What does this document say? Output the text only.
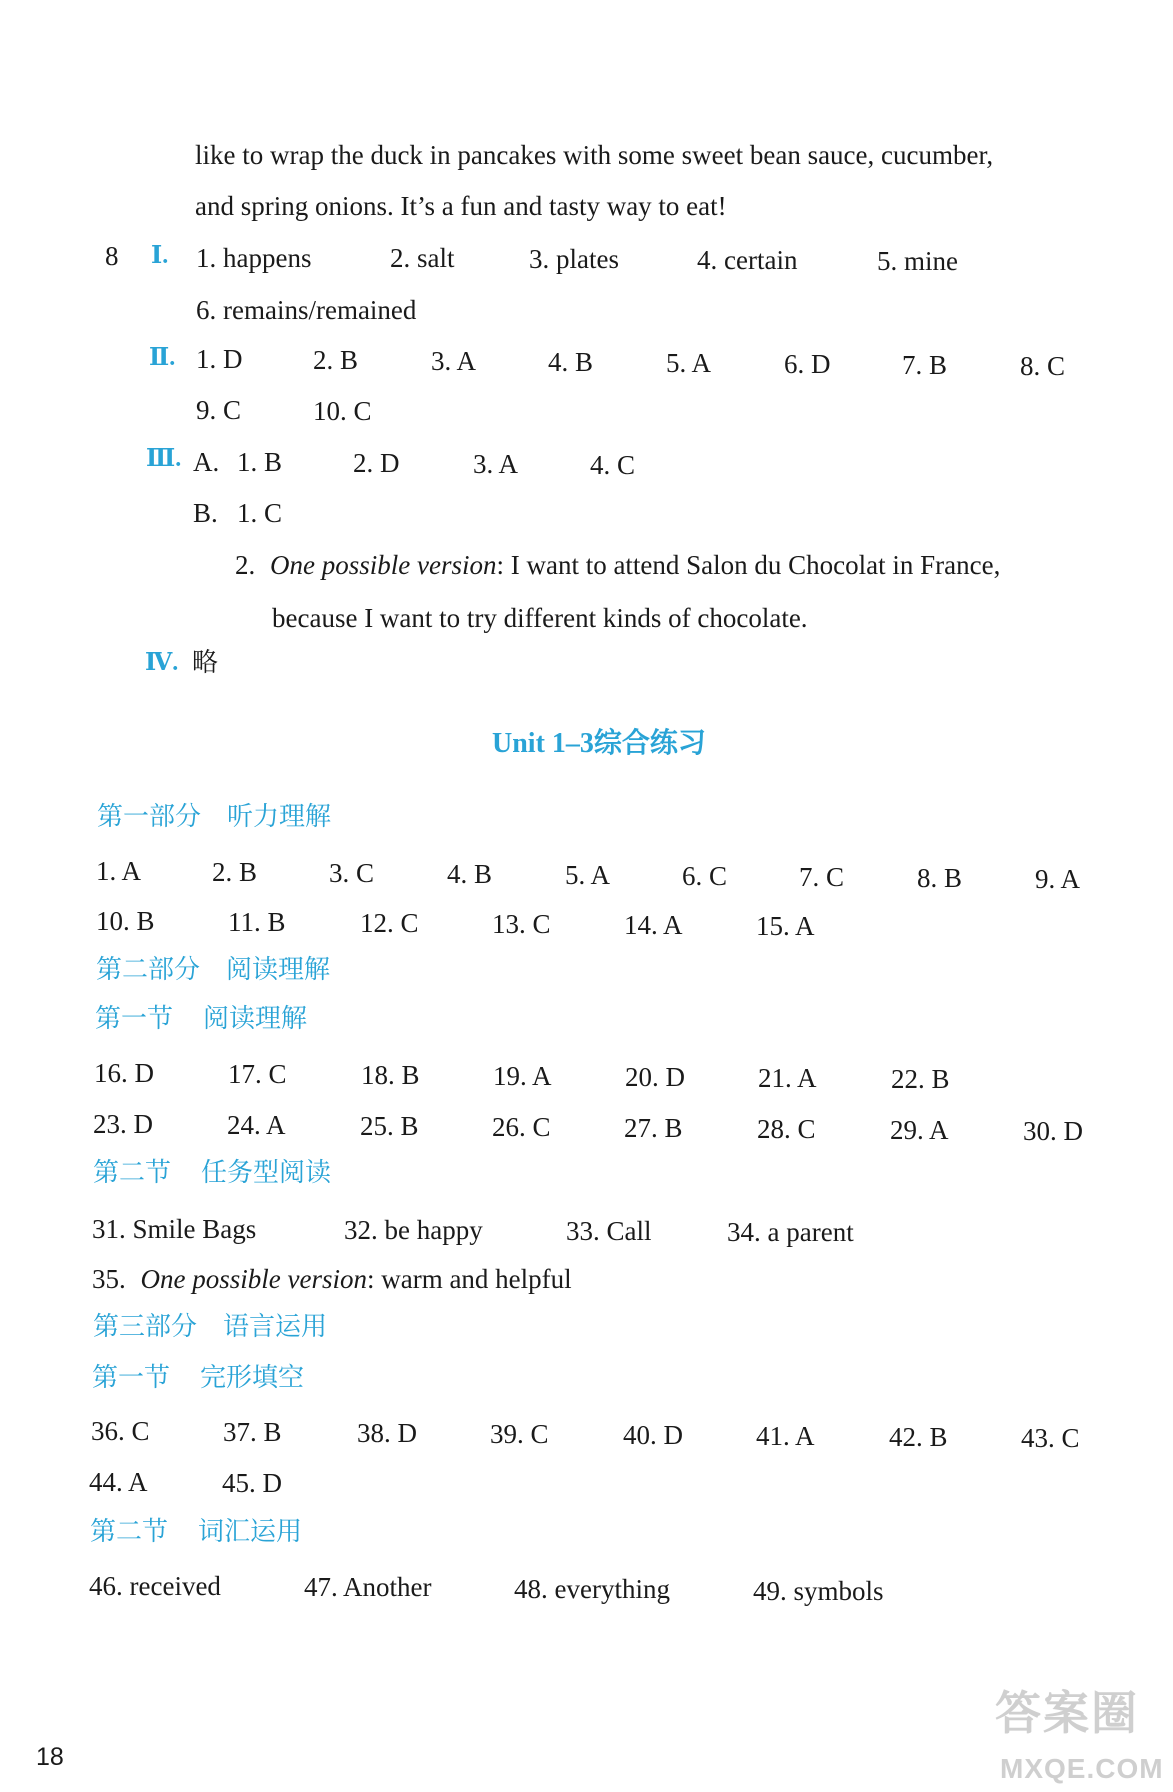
like to wrap the duck in pancakes with some sweet bean sauce, cucumber,
and spring onions. It’s a fun and tasty way to eat!
8 Ⅰ. 1. happens	2. salt	3. plates	4. certain	5. mine
6. remains/remained
Ⅱ. 1. D	2. B	3. A	4. B	5. A	6. D	7. B	8. C
9. C	10. C
Ⅲ. A. 1. B	2. D	3. A	4. C
B. 1. C
2. One possible version: I want to attend Salon du Chocolat in France,
because I want to try different kinds of chocolate.
Ⅳ. 略
Unit 1–3综合练习
第一部分 听力理解
1. A	2. B	3. C	4. B	5. A	6. C	7. C	8. B	9. A
10. B	11. B	12. C	13. C	14. A	15. A
第二部分 阅读理解
第一节 阅读理解
16. D	17. C	18. B	19. A	20. D	21. A	22. B
23. D	24. A	25. B	26. C	27. B	28. C	29. A	30. D
第二节 任务型阅读
31. Smile Bags	32. be happy	33. Call	34. a parent
35. One possible version: warm and helpful
第三部分 语言运用
第一节 完形填空
36. C	37. B	38. D	39. C	40. D	41. A	42. B	43. C
44. A	45. D
第二节 词汇运用
46. received	47. Another	48. everything	49. symbols
18
答案圈
MXQE.COM
